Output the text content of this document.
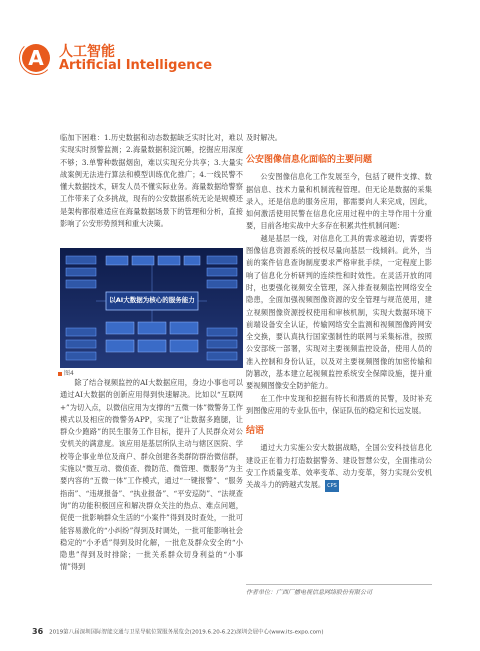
A	人工智能
Artificial Intelligence

临加下困难：1.历史数据和动态数据缺乏实时比对，难以实现实时预警监测；2.海量数据积淀沉睡，挖掘应用深度不够；3.单警种数据烟囱，难以实现充分共享；3.大量实战案例无法进行算法和模型训练优化推广；4.一线民警不懂大数据技术，研发人员不懂实际业务。海量数据给警察工作带来了众多挑战，现有的公安数据系统无论是规模还是架构都很难适应在海量数据场景下的管理和分析，直接影响了公安形势预判和重大决策。

以AI大数据为核心的服务能力
图4

除了结合视频监控的AI大数据应用，身边小事也可以通过AI大数据的创新应用得到快速解决。比如以“互联网+”为切入点，以微信应用为支撑的“五微一体”微警务工作模式以及相应的微警务APP，实现了“让数据多跑腿，让群众少跑路”的民生服务工作目标，提升了人民群众对公安机关的满意度。该应用是基层所队主动与辖区医院、学校等企事业单位及商户、群众创建各类群防群治微信群，实施以“微互动、微侦查、微防范、微管理、微服务”为主要内容的“五微一体”工作模式，通过“一键报警”、“服务指南”、“违规报备”、“执业报备”、“平安巡防”、“法规查询”的功能积极回应和解决群众关注的热点、难点问题，促使一批影响群众生活的“小案件”得到及时查处，一批可能容易激化的“小纠纷”得到及时调处，一批可能影响社会稳定的“小矛盾”得到及时化解，一批危及群众安全的“小隐患”得到及时排除；一批关系群众切身利益的“小事情”得到

及时解决。

公安图像信息化面临的主要问题

公安图像信息化工作发展至今，包括了硬件支撑、数据信息、技术力量和机制流程管理。但无论是数据的采集录入，还是信息的服务应用，都需要向人来完成，因此，如何激活使用民警在信息化应用过程中的主导作用十分重要，目前各地实战中大多存在积累共性机制问题：

越是基层一线，对信息化工具的需求越迫切，需要将图像信息资源系统的授权尽量向基层一线倾斜。此外，当前的案件信息查询制度要求严格审批手续，一定程度上影响了信息化分析研判的连续性和时效性。在灵活开放的同时，也要强化视频安全管理，深入排查视频监控网络安全隐患，全面加强视频图像资源的安全管理与规范使用，建立视频图像资源授权使用和审核机制，实现大数据环境下前端设备安全认证，传输网络安全监测和视频图像跨网安全交换，要认真执行国家强制性的联网与采集标准，按照公安部统一部署，实现对主要视频监控设备，使用人员的准入控制和身份认证，以及对主要视频图像的加密传输和防篡改，基本建立起视频监控系统安全保障设施，提升重要视频图像安全防护能力。

在工作中发现和挖掘有特长和潜质的民警，及时补充到图像应用的专业队伍中，保证队伍的稳定和长远发展。

结语

通过大力实施公安大数据战略，全国公安科技信息化建设正在着力打造数据警务、建设智慧公安，全面推动公安工作质量变革、效率变革、动力变革，努力实现公安机关战斗力的跨越式发展。 CPS

作者单位：广西厂播电视信息网络股份有限公司
36 2019第八届深圳国际智能交通与卫星导航位置服务展览会(2019.6.20-6.22)深圳会展中心(www.its-expo.com)
